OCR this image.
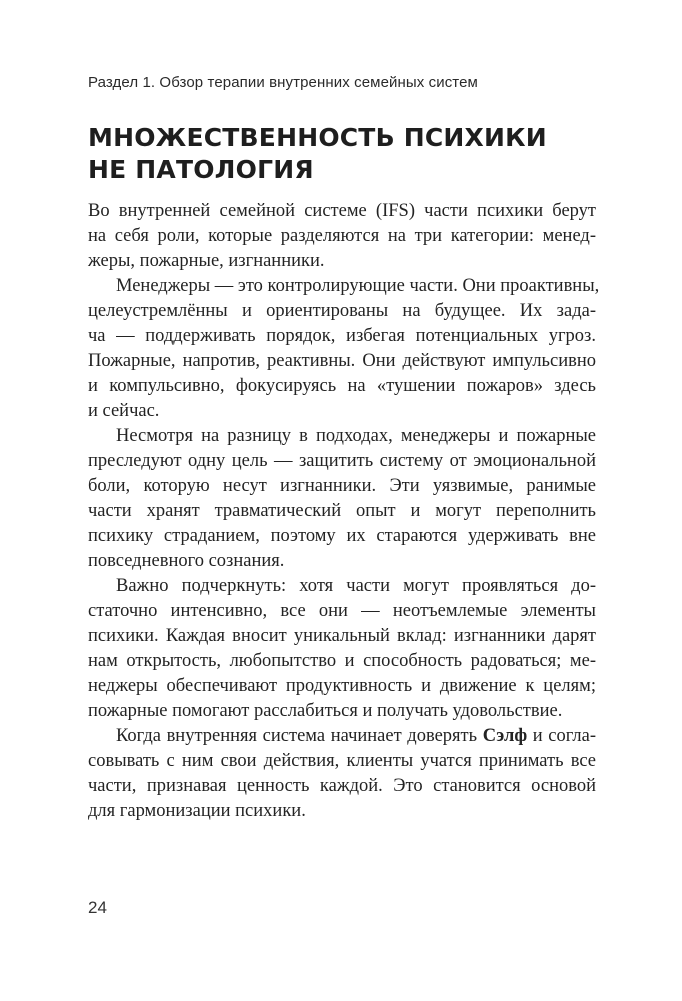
Раздел 1. Обзор терапии внутренних семейных систем
МНОЖЕСТВЕННОСТЬ ПСИХИКИ
НЕ ПАТОЛОГИЯ

Во внутренней семейной системе (IFS) части психики берут
на себя роли, которые разделяются на три категории: менед-
жеры, пожарные, изгнанники.

Менеджеры — это контролирующие части. Они проактивны,
целеустремлённы и ориентированы на будущее. Их зада-
ча — поддерживать порядок, избегая потенциальных угроз.
Пожарные, напротив, реактивны. Они действуют импульсивно
и компульсивно, фокусируясь на «тушении пожаров» здесь
и сейчас.

Несмотря на разницу в подходах, менеджеры и пожарные
преследуют одну цель — защитить систему от эмоциональной
боли, которую несут изгнанники. Эти уязвимые, ранимые
части хранят травматический опыт и могут переполнить
психику страданием, поэтому их стараются удерживать вне
повседневного сознания.

Важно подчеркнуть: хотя части могут проявляться до-
статочно интенсивно, все они — неотъемлемые элементы
психики. Каждая вносит уникальный вклад: изгнанники дарят
нам открытость, любопытство и способность радоваться; ме-
неджеры обеспечивают продуктивность и движение к целям;
пожарные помогают расслабиться и получать удовольствие.

Когда внутренняя система начинает доверять Сэлф и согла-
совывать с ним свои действия, клиенты учатся принимать все
части, признавая ценность каждой. Это становится основой
для гармонизации психики.

24
